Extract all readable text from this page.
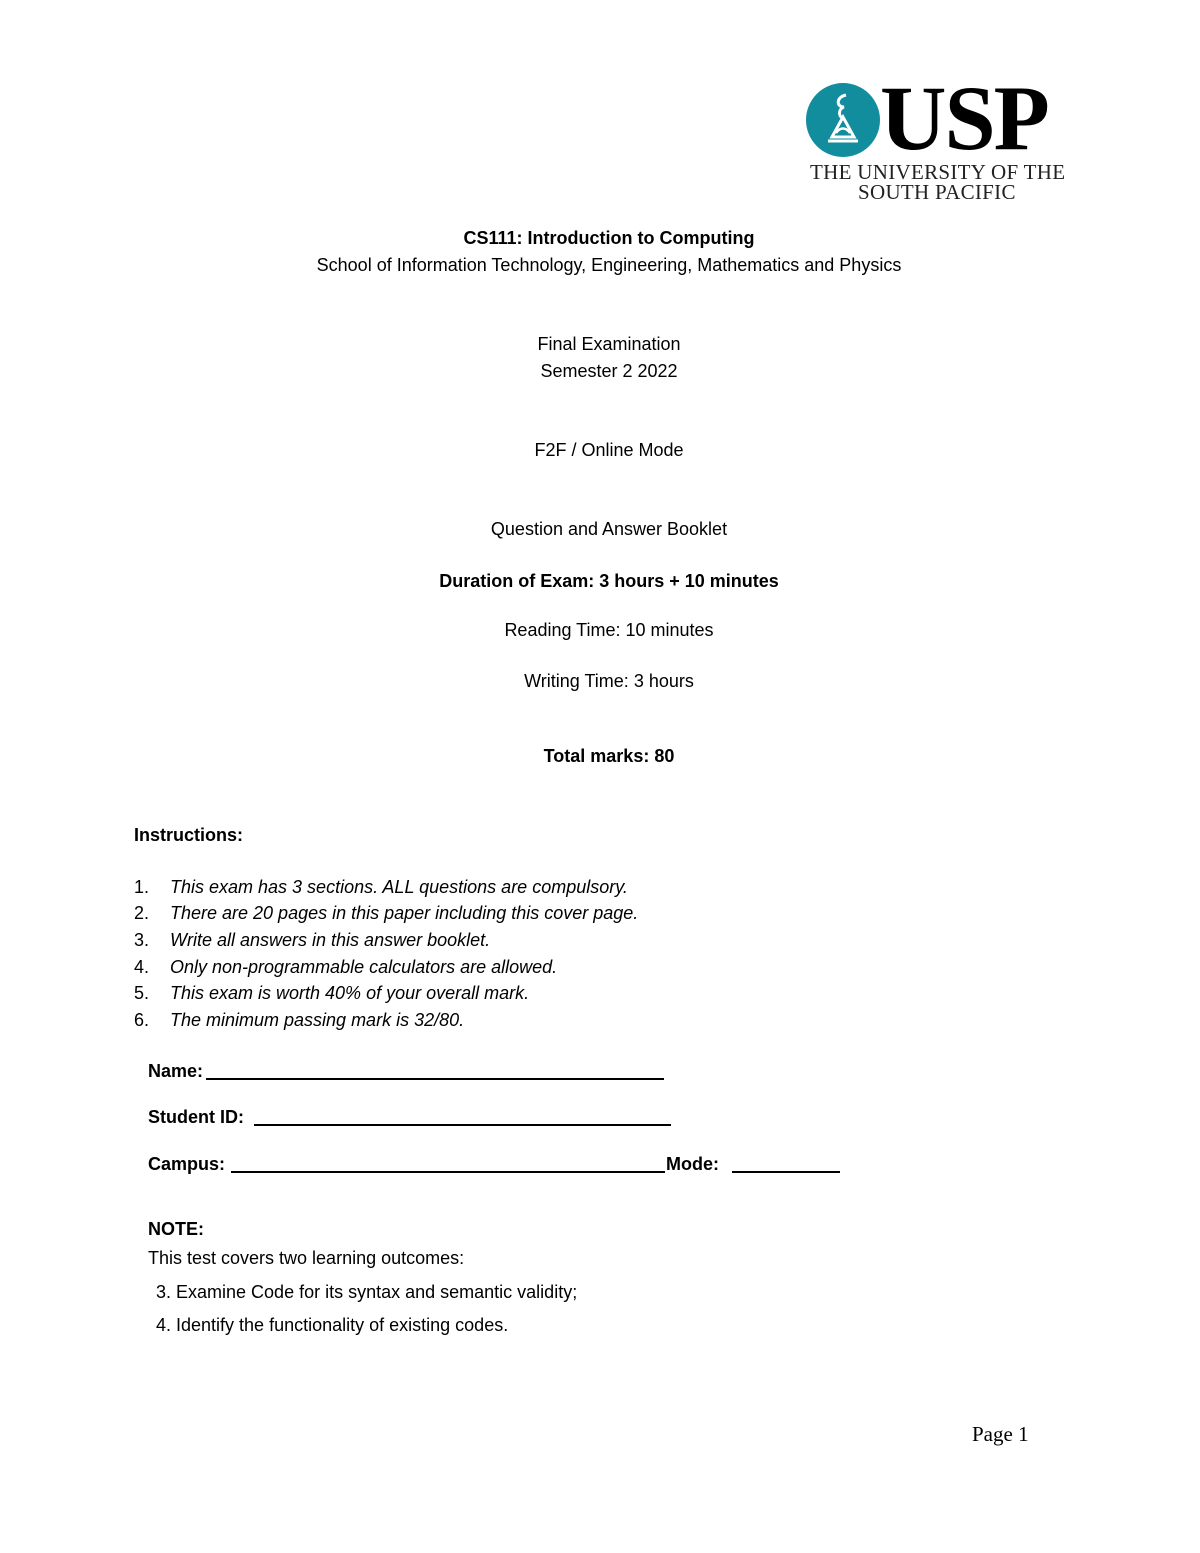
USP
THE UNIVERSITY OF THE
SOUTH PACIFIC
CS111: Introduction to Computing
School of Information Technology, Engineering, Mathematics and Physics
Final Examination
Semester 2 2022
F2F / Online Mode
Question and Answer Booklet
Duration of Exam: 3 hours + 10 minutes
Reading Time: 10 minutes
Writing Time: 3 hours
Total marks: 80
Instructions:
1. This exam has 3 sections. ALL questions are compulsory.
2. There are 20 pages in this paper including this cover page.
3. Write all answers in this answer booklet.
4. Only non-programmable calculators are allowed.
5. This exam is worth 40% of your overall mark.
6. The minimum passing mark is 32/80.
Name:
Student ID:
Campus:	Mode:
NOTE:
This test covers two learning outcomes:
3. Examine Code for its syntax and semantic validity;
4. Identify the functionality of existing codes.
Page 1
